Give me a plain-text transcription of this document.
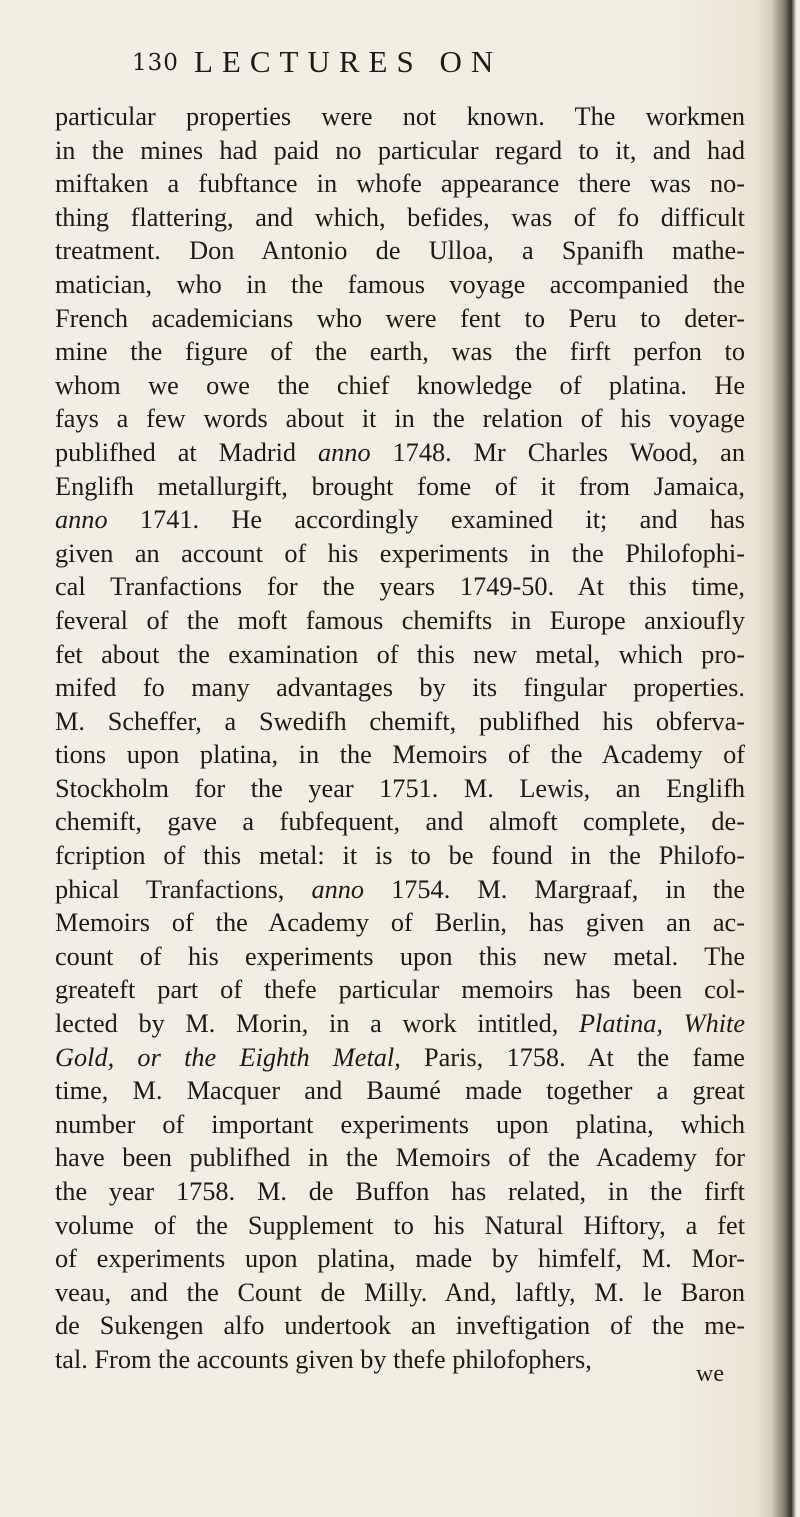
130 LECTURES ON
particular properties were not known. The workmen
in the mines had paid no particular regard to it, and had
miftaken a fubftance in whofe appearance there was no-
thing flattering, and which, befides, was of fo difficult
treatment. Don Antonio de Ulloa, a Spanifh mathe-
matician, who in the famous voyage accompanied the
French academicians who were fent to Peru to deter-
mine the figure of the earth, was the firft perfon to
whom we owe the chief knowledge of platina. He
fays a few words about it in the relation of his voyage
publifhed at Madrid anno 1748. Mr Charles Wood, an
Englifh metallurgift, brought fome of it from Jamaica,
anno 1741. He accordingly examined it; and has
given an account of his experiments in the Philofophi-
cal Tranfactions for the years 1749-50. At this time,
feveral of the moft famous chemifts in Europe anxioufly
fet about the examination of this new metal, which pro-
mifed fo many advantages by its fingular properties.
M. Scheffer, a Swedifh chemift, publifhed his obferva-
tions upon platina, in the Memoirs of the Academy of
Stockholm for the year 1751. M. Lewis, an Englifh
chemift, gave a fubfequent, and almoft complete, de-
fcription of this metal: it is to be found in the Philofo-
phical Tranfactions, anno 1754. M. Margraaf, in the
Memoirs of the Academy of Berlin, has given an ac-
count of his experiments upon this new metal. The
greateft part of thefe particular memoirs has been col-
lected by M. Morin, in a work intitled, Platina, White
Gold, or the Eighth Metal, Paris, 1758. At the fame
time, M. Macquer and Baumé made together a great
number of important experiments upon platina, which
have been publifhed in the Memoirs of the Academy for
the year 1758. M. de Buffon has related, in the firft
volume of the Supplement to his Natural Hiftory, a fet
of experiments upon platina, made by himfelf, M. Mor-
veau, and the Count de Milly. And, laftly, M. le Baron
de Sukengen alfo undertook an inveftigation of the me-
tal. From the accounts given by thefe philofophers,
we
